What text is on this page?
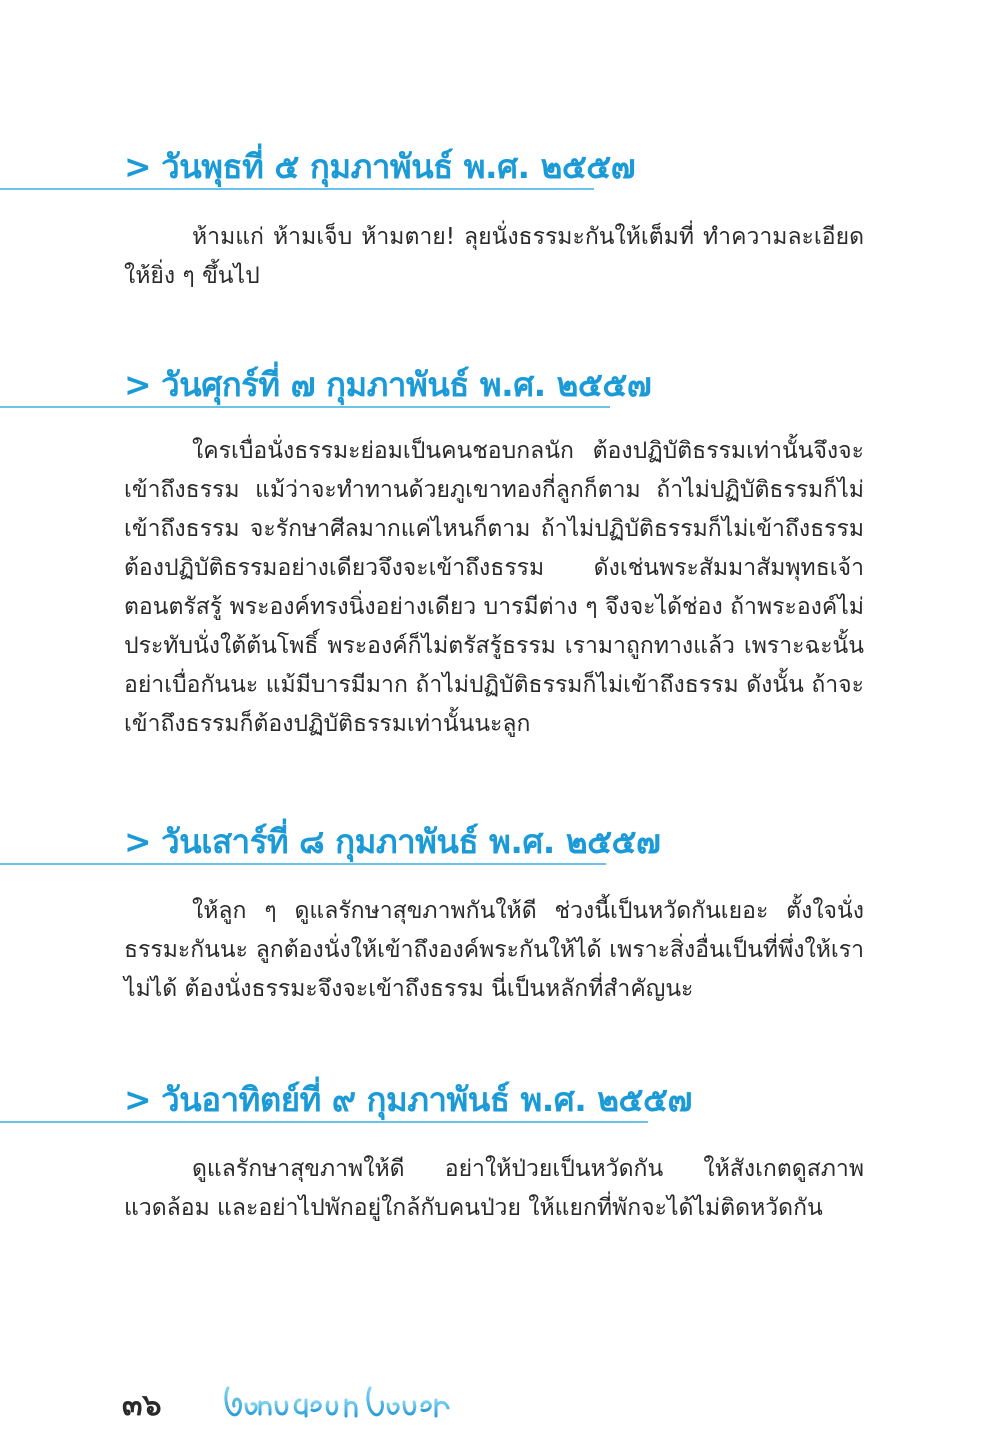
> วันพุธที่ ๕ กุมภาพันธ์ พ.ศ. ๒๕๕๗

ห้ามแก่ ห้ามเจ็บ ห้ามตาย! ลุยนั่งธรรมะกันให้เต็มที่ ทำความละเอียดให้ยิ่ง ๆ ขึ้นไป

> วันศุกร์ที่ ๗ กุมภาพันธ์ พ.ศ. ๒๕๕๗

ใครเบื่อนั่งธรรมะย่อมเป็นคนชอบกลนัก ต้องปฏิบัติธรรมเท่านั้นจึงจะเข้าถึงธรรม แม้ว่าจะทำทานด้วยภูเขาทองกี่ลูกก็ตาม ถ้าไม่ปฏิบัติธรรมก็ไม่เข้าถึงธรรม จะรักษาศีลมากแค่ไหนก็ตาม ถ้าไม่ปฏิบัติธรรมก็ไม่เข้าถึงธรรม ต้องปฏิบัติธรรมอย่างเดียวจึงจะเข้าถึงธรรม ดังเช่นพระสัมมาสัมพุทธเจ้าตอนตรัสรู้ พระองค์ทรงนิ่งอย่างเดียว บารมีต่าง ๆ จึงจะได้ช่อง ถ้าพระองค์ไม่ประทับนั่งใต้ต้นโพธิ์ พระองค์ก็ไม่ตรัสรู้ธรรม เรามาถูกทางแล้ว เพราะฉะนั้นอย่าเบื่อกันนะ แม้มีบารมีมาก ถ้าไม่ปฏิบัติธรรมก็ไม่เข้าถึงธรรม ดังนั้น ถ้าจะเข้าถึงธรรมก็ต้องปฏิบัติธรรมเท่านั้นนะลูก

> วันเสาร์ที่ ๘ กุมภาพันธ์ พ.ศ. ๒๕๕๗

ให้ลูก ๆ ดูแลรักษาสุขภาพกันให้ดี ช่วงนี้เป็นหวัดกันเยอะ ตั้งใจนั่งธรรมะกันนะ ลูกต้องนั่งให้เข้าถึงองค์พระกันให้ได้ เพราะสิ่งอื่นเป็นที่พึ่งให้เราไม่ได้ ต้องนั่งธรรมะจึงจะเข้าถึงธรรม นี่เป็นหลักที่สำคัญนะ

> วันอาทิตย์ที่ ๙ กุมภาพันธ์ พ.ศ. ๒๕๕๗

ดูแลรักษาสุขภาพให้ดี อย่าให้ป่วยเป็นหวัดกัน ให้สังเกตดูสภาพแวดล้อม และอย่าไปพักอยู่ใกล้กับคนป่วย ให้แยกที่พักจะได้ไม่ติดหวัดกัน

๓๖
